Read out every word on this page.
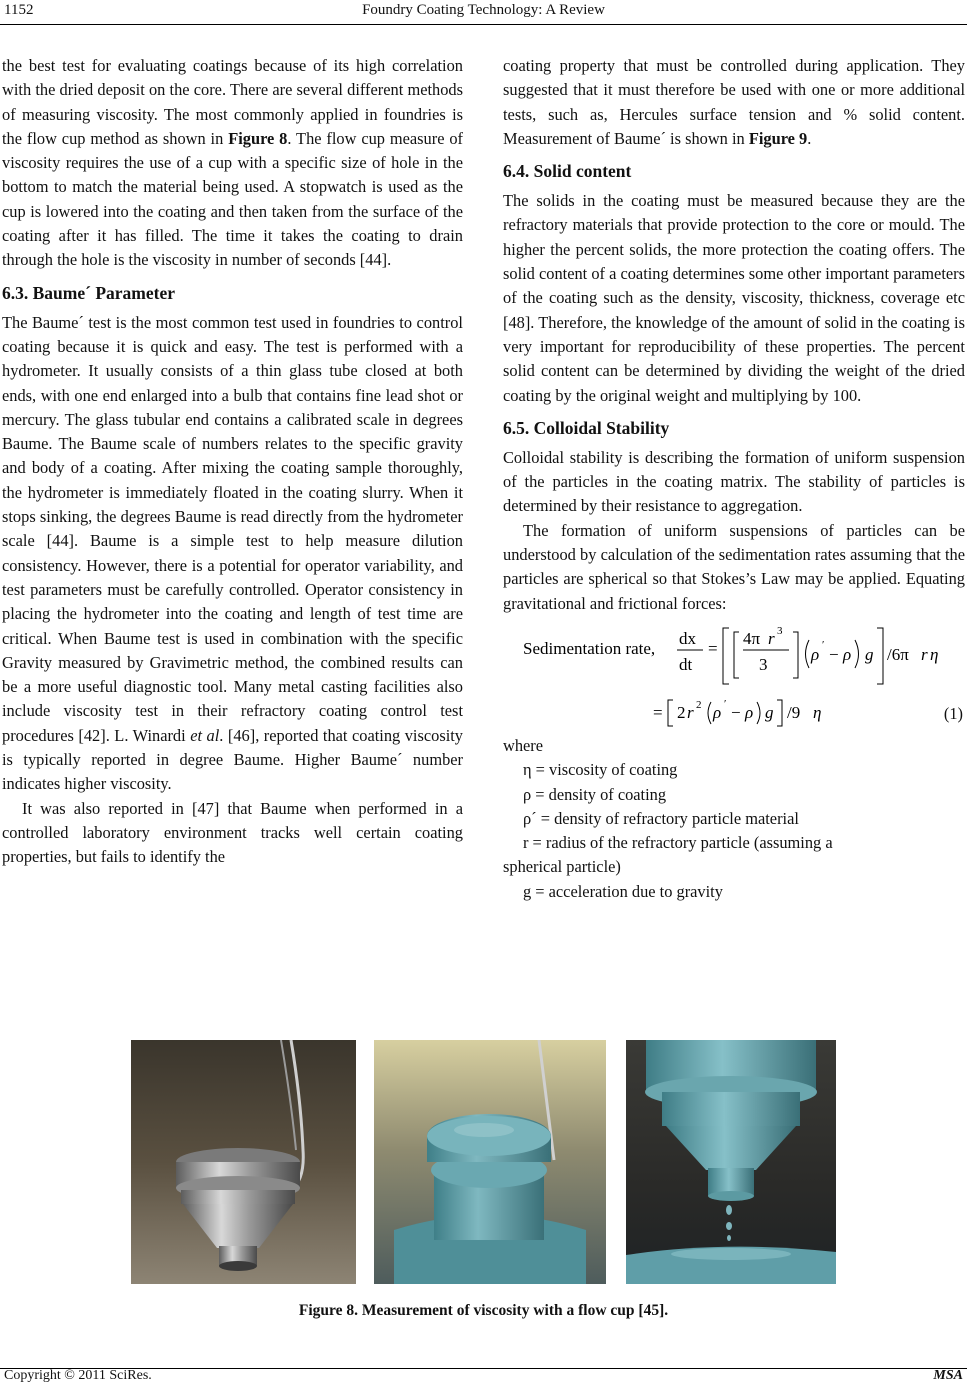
1152	Foundry Coating Technology: A Review

the best test for evaluating coatings because of its high correlation with the dried deposit on the core. There are several different methods of measuring viscosity. The most commonly applied in foundries is the flow cup method as shown in Figure 8. The flow cup measure of viscosity requires the use of a cup with a specific size of hole in the bottom to match the material being used. A stopwatch is used as the cup is lowered into the coating and then taken from the surface of the coating after it has filled. The time it takes the coating to drain through the hole is the viscosity in number of seconds [44].

6.3. Baume´ Parameter

The Baume´ test is the most common test used in foundries to control coating because it is quick and easy. The test is performed with a hydrometer. It usually consists of a thin glass tube closed at both ends, with one end enlarged into a bulb that contains fine lead shot or mercury. The glass tubular end contains a calibrated scale in degrees Baume. The Baume scale of numbers relates to the specific gravity and body of a coating. After mixing the coating sample thoroughly, the hydrometer is immediately floated in the coating slurry. When it stops sinking, the degrees Baume is read directly from the hydrometer scale [44]. Baume is a simple test to help measure dilution consistency. However, there is a potential for operator variability, and test parameters must be carefully controlled. Operator consistency in placing the hydrometer into the coating and length of test time are critical. When Baume test is used in combination with the specific Gravity measured by Gravimetric method, the combined results can be a more useful diagnostic tool. Many metal casting facilities also include viscosity test in their refractory coating control test procedures [42]. L. Winardi et al. [46], reported that coating viscosity is typically reported in degree Baume. Higher Baume´ number indicates higher viscosity.

It was also reported in [47] that Baume when performed in a controlled laboratory environment tracks well certain coating properties, but fails to identify the

coating property that must be controlled during application. They suggested that it must therefore be used with one or more additional tests, such as, Hercules surface tension and % solid content. Measurement of Baume´ is shown in Figure 9.

6.4. Solid content

The solids in the coating must be measured because they are the refractory materials that provide protection to the core or mould. The higher the percent solids, the more protection the coating offers. The solid content of a coating determines some other important parameters of the coating such as the density, viscosity, thickness, coverage etc [48]. Therefore, the knowledge of the amount of solid in the coating is very important for reproducibility of these properties. The percent solid content can be determined by dividing the weight of the dried coating by the original weight and multiplying by 100.

6.5. Colloidal Stability

Colloidal stability is describing the formation of uniform suspension of the particles in the coating matrix. The stability of particles is determined by their resistance to aggregation.

The formation of uniform suspensions of particles can be understood by calculation of the sedimentation rates assuming that the particles are spherical so that Stokes’s Law may be applied. Equating gravitational and frictional forces:

Sedimentation rate,
dx
dt
=
4π r 3
3
ρ ′ − ρ g /6π r η
= 2 r 2 ρ ′ − ρ g /9 η	(1)

where

η = viscosity of coating

ρ = density of coating

ρ´ = density of refractory particle material

r = radius of the refractory particle (assuming a

spherical particle)

g = acceleration due to gravity

Figure 8. Measurement of viscosity with a flow cup [45].
Copyright © 2011 SciRes.	MSA
